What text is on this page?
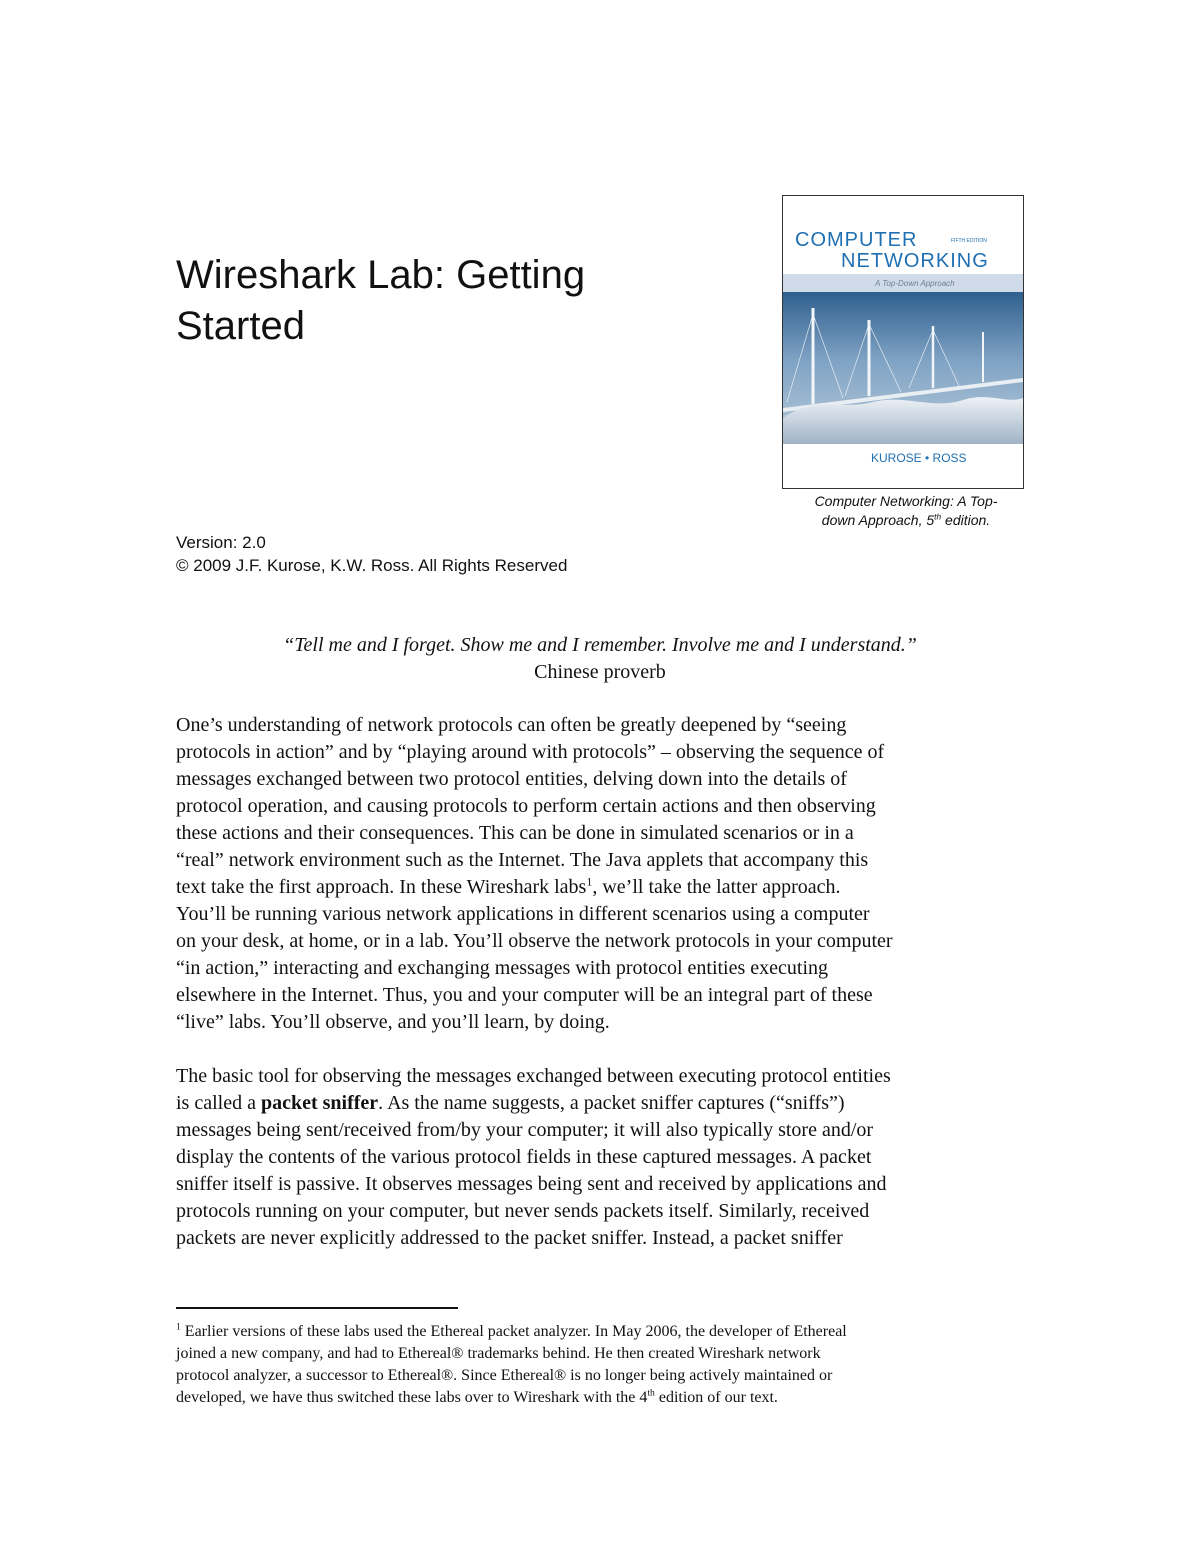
Wireshark Lab: Getting
Started
COMPUTER	FIFTH EDITION
NETWORKING
A Top-Down Approach
KUROSE • ROSS
Computer Networking: A Top-
down Approach, 5th edition.
Version: 2.0
© 2009 J.F. Kurose, K.W. Ross. All Rights Reserved
“Tell me and I forget. Show me and I remember. Involve me and I understand.”
Chinese proverb
One’s understanding of network protocols can often be greatly deepened by “seeing
protocols in action” and by “playing around with protocols” – observing the sequence of
messages exchanged between two protocol entities, delving down into the details of
protocol operation, and causing protocols to perform certain actions and then observing
these actions and their consequences. This can be done in simulated scenarios or in a
“real” network environment such as the Internet. The Java applets that accompany this
text take the first approach. In these Wireshark labs$^1$, we’ll take the latter approach.
You’ll be running various network applications in different scenarios using a computer
on your desk, at home, or in a lab. You’ll observe the network protocols in your computer
“in action,” interacting and exchanging messages with protocol entities executing
elsewhere in the Internet. Thus, you and your computer will be an integral part of these
“live” labs. You’ll observe, and you’ll learn, by doing.
The basic tool for observing the messages exchanged between executing protocol entities
is called a packet sniffer. As the name suggests, a packet sniffer captures (“sniffs”)
messages being sent/received from/by your computer; it will also typically store and/or
display the contents of the various protocol fields in these captured messages. A packet
sniffer itself is passive. It observes messages being sent and received by applications and
protocols running on your computer, but never sends packets itself. Similarly, received
packets are never explicitly addressed to the packet sniffer. Instead, a packet sniffer
$^1$ Earlier versions of these labs used the Ethereal packet analyzer. In May 2006, the developer of Ethereal
joined a new company, and had to Ethereal® trademarks behind. He then created Wireshark network
protocol analyzer, a successor to Ethereal®. Since Ethereal® is no longer being actively maintained or
developed, we have thus switched these labs over to Wireshark with the 4th edition of our text.
